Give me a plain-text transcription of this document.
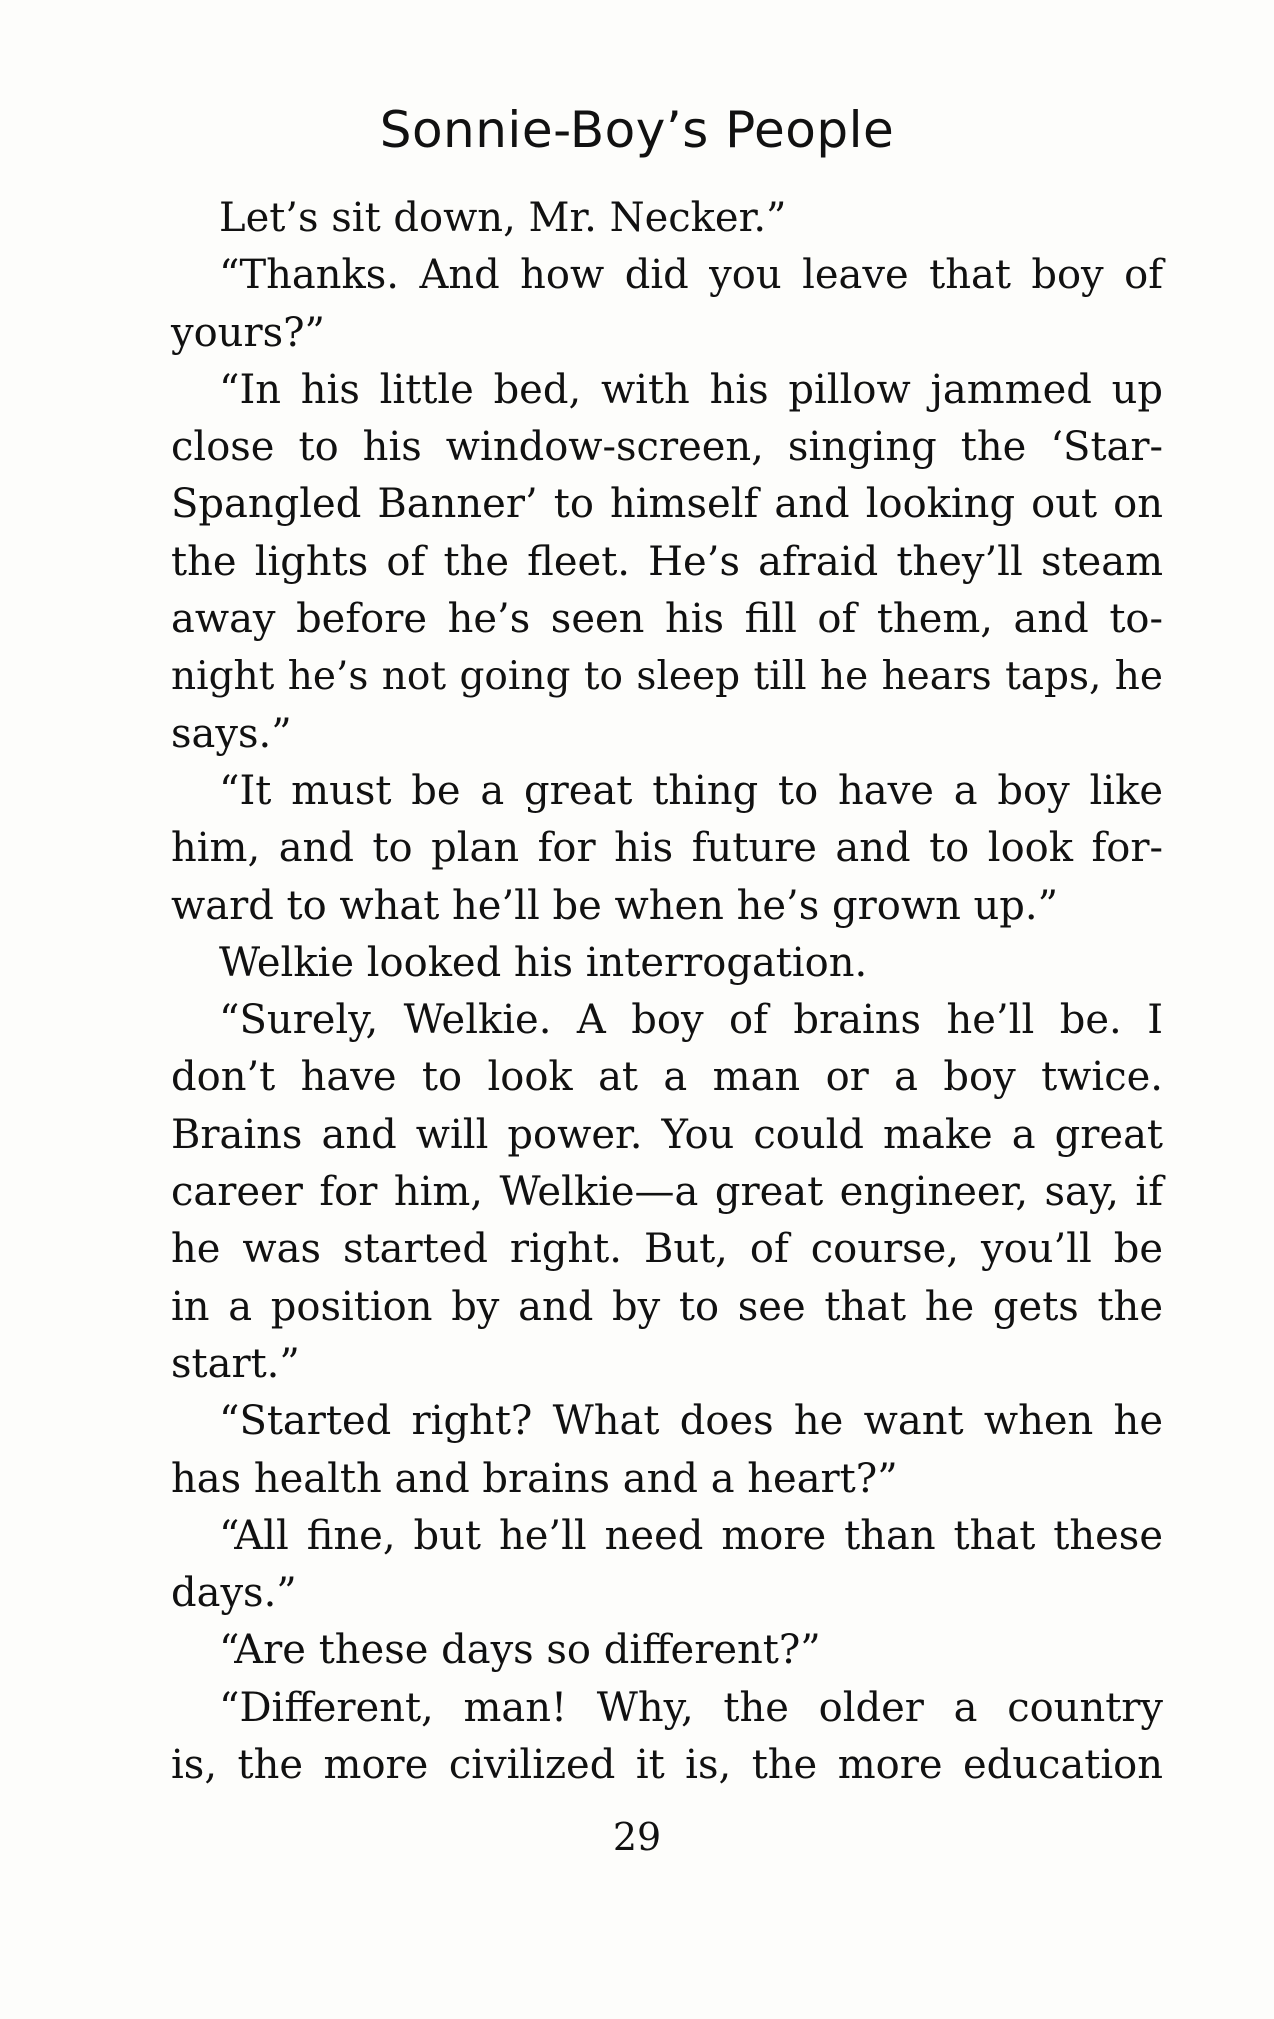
Sonnie-Boy’s People
Let’s sit down, Mr. Necker.”
“Thanks. And how did you leave that boy of
yours?”
“In his little bed, with his pillow jammed up
close to his window-screen, singing the ‘Star-
Spangled Banner’ to himself and looking out on
the lights of the fleet. He’s afraid they’ll steam
away before he’s seen his fill of them, and to-
night he’s not going to sleep till he hears taps, he
says.”
“It must be a great thing to have a boy like
him, and to plan for his future and to look for-
ward to what he’ll be when he’s grown up.”
Welkie looked his interrogation.
“Surely, Welkie. A boy of brains he’ll be. I
don’t have to look at a man or a boy twice.
Brains and will power. You could make a great
career for him, Welkie—a great engineer, say, if
he was started right. But, of course, you’ll be
in a position by and by to see that he gets the
start.”
“Started right? What does he want when he
has health and brains and a heart?”
“All fine, but he’ll need more than that these
days.”
“Are these days so different?”
“Different, man! Why, the older a country
is, the more civilized it is, the more education
29
